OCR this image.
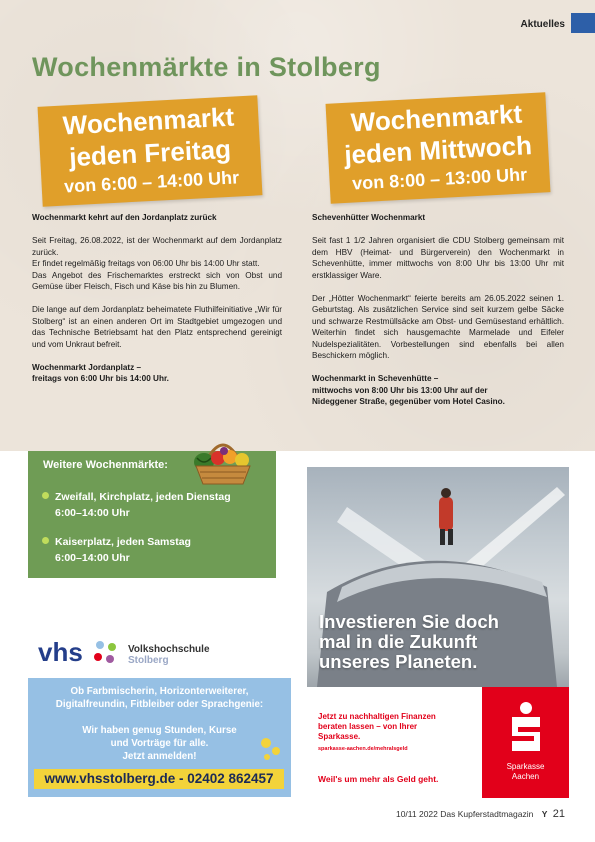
Aktuelles
Wochenmärkte in Stolberg
Wochenmarkt
jeden Freitag
von 6:00 – 14:00 Uhr
Wochenmarkt
jeden Mittwoch
von 8:00 – 13:00 Uhr

Wochenmarkt kehrt auf den Jordanplatz zurück

Seit Freitag, 26.08.2022, ist der Wochenmarkt auf dem Jordanplatz zurück.

Er findet regelmäßig freitags von 06:00 Uhr bis 14:00 Uhr statt.

Das Angebot des Frischemarktes erstreckt sich von Obst und Gemüse über Fleisch, Fisch und Käse bis hin zu Blumen.

Die lange auf dem Jordanplatz beheimatete Fluthilfeinitiative „Wir für Stolberg“ ist an einen anderen Ort im Stadtgebiet umgezogen und das Technische Betriebsamt hat den Platz entsprechend gereinigt und vom Unkraut befreit.

Wochenmarkt Jordanplatz –

freitags von 6:00 Uhr bis 14:00 Uhr.

Schevenhütter Wochenmarkt

Seit fast 1 1/2 Jahren organisiert die CDU Stolberg gemeinsam mit dem HBV (Heimat- und Bürgerverein) den Wochenmarkt in Schevenhütte, immer mittwochs von 8:00 Uhr bis 13:00 Uhr mit erstklassiger Ware.

Der „Hötter Wochenmarkt“ feierte bereits am 26.05.2022 seinen 1. Geburtstag. Als zusätzlichen Service sind seit kurzem gelbe Säcke und schwarze Restmüllsäcke am Obst- und Gemüsestand erhältlich. Weiterhin findet sich hausgemachte Marmelade und Eifeler Nudelspezialitäten. Vorbestellungen sind ebenfalls bei allen Beschickern möglich.

Wochenmarkt in Schevenhütte –

mittwochs von 8:00 Uhr bis 13:00 Uhr auf der

Nideggener Straße, gegenüber vom Hotel Casino.

Weitere Wochenmärkte:
Zweifall, Kirchplatz, jeden Dienstag
6:00–14:00 Uhr
Kaiserplatz, jeden Samstag
6:00–14:00 Uhr
vhs	Volkshochschule
Stolberg
Ob Farbmischerin, Horizonterweiterer, Digitalfreundin, Fitbleiber oder Sprachgenie:
Wir haben genug Stunden, Kurse
und Vorträge für alle.
Jetzt anmelden!
www.vhsstolberg.de - 02402 862457
Investieren Sie doch
mal in die Zukunft
unseres Planeten.
Jetzt zu nachhaltigen Finanzen
beraten lassen – von Ihrer
Sparkasse.
sparkasse-aachen.de/mehralsgeld
Weil's um mehr als Geld geht.
Sparkasse
Aachen
10/11 2022 Das Kupferstadtmagazin Y 21
